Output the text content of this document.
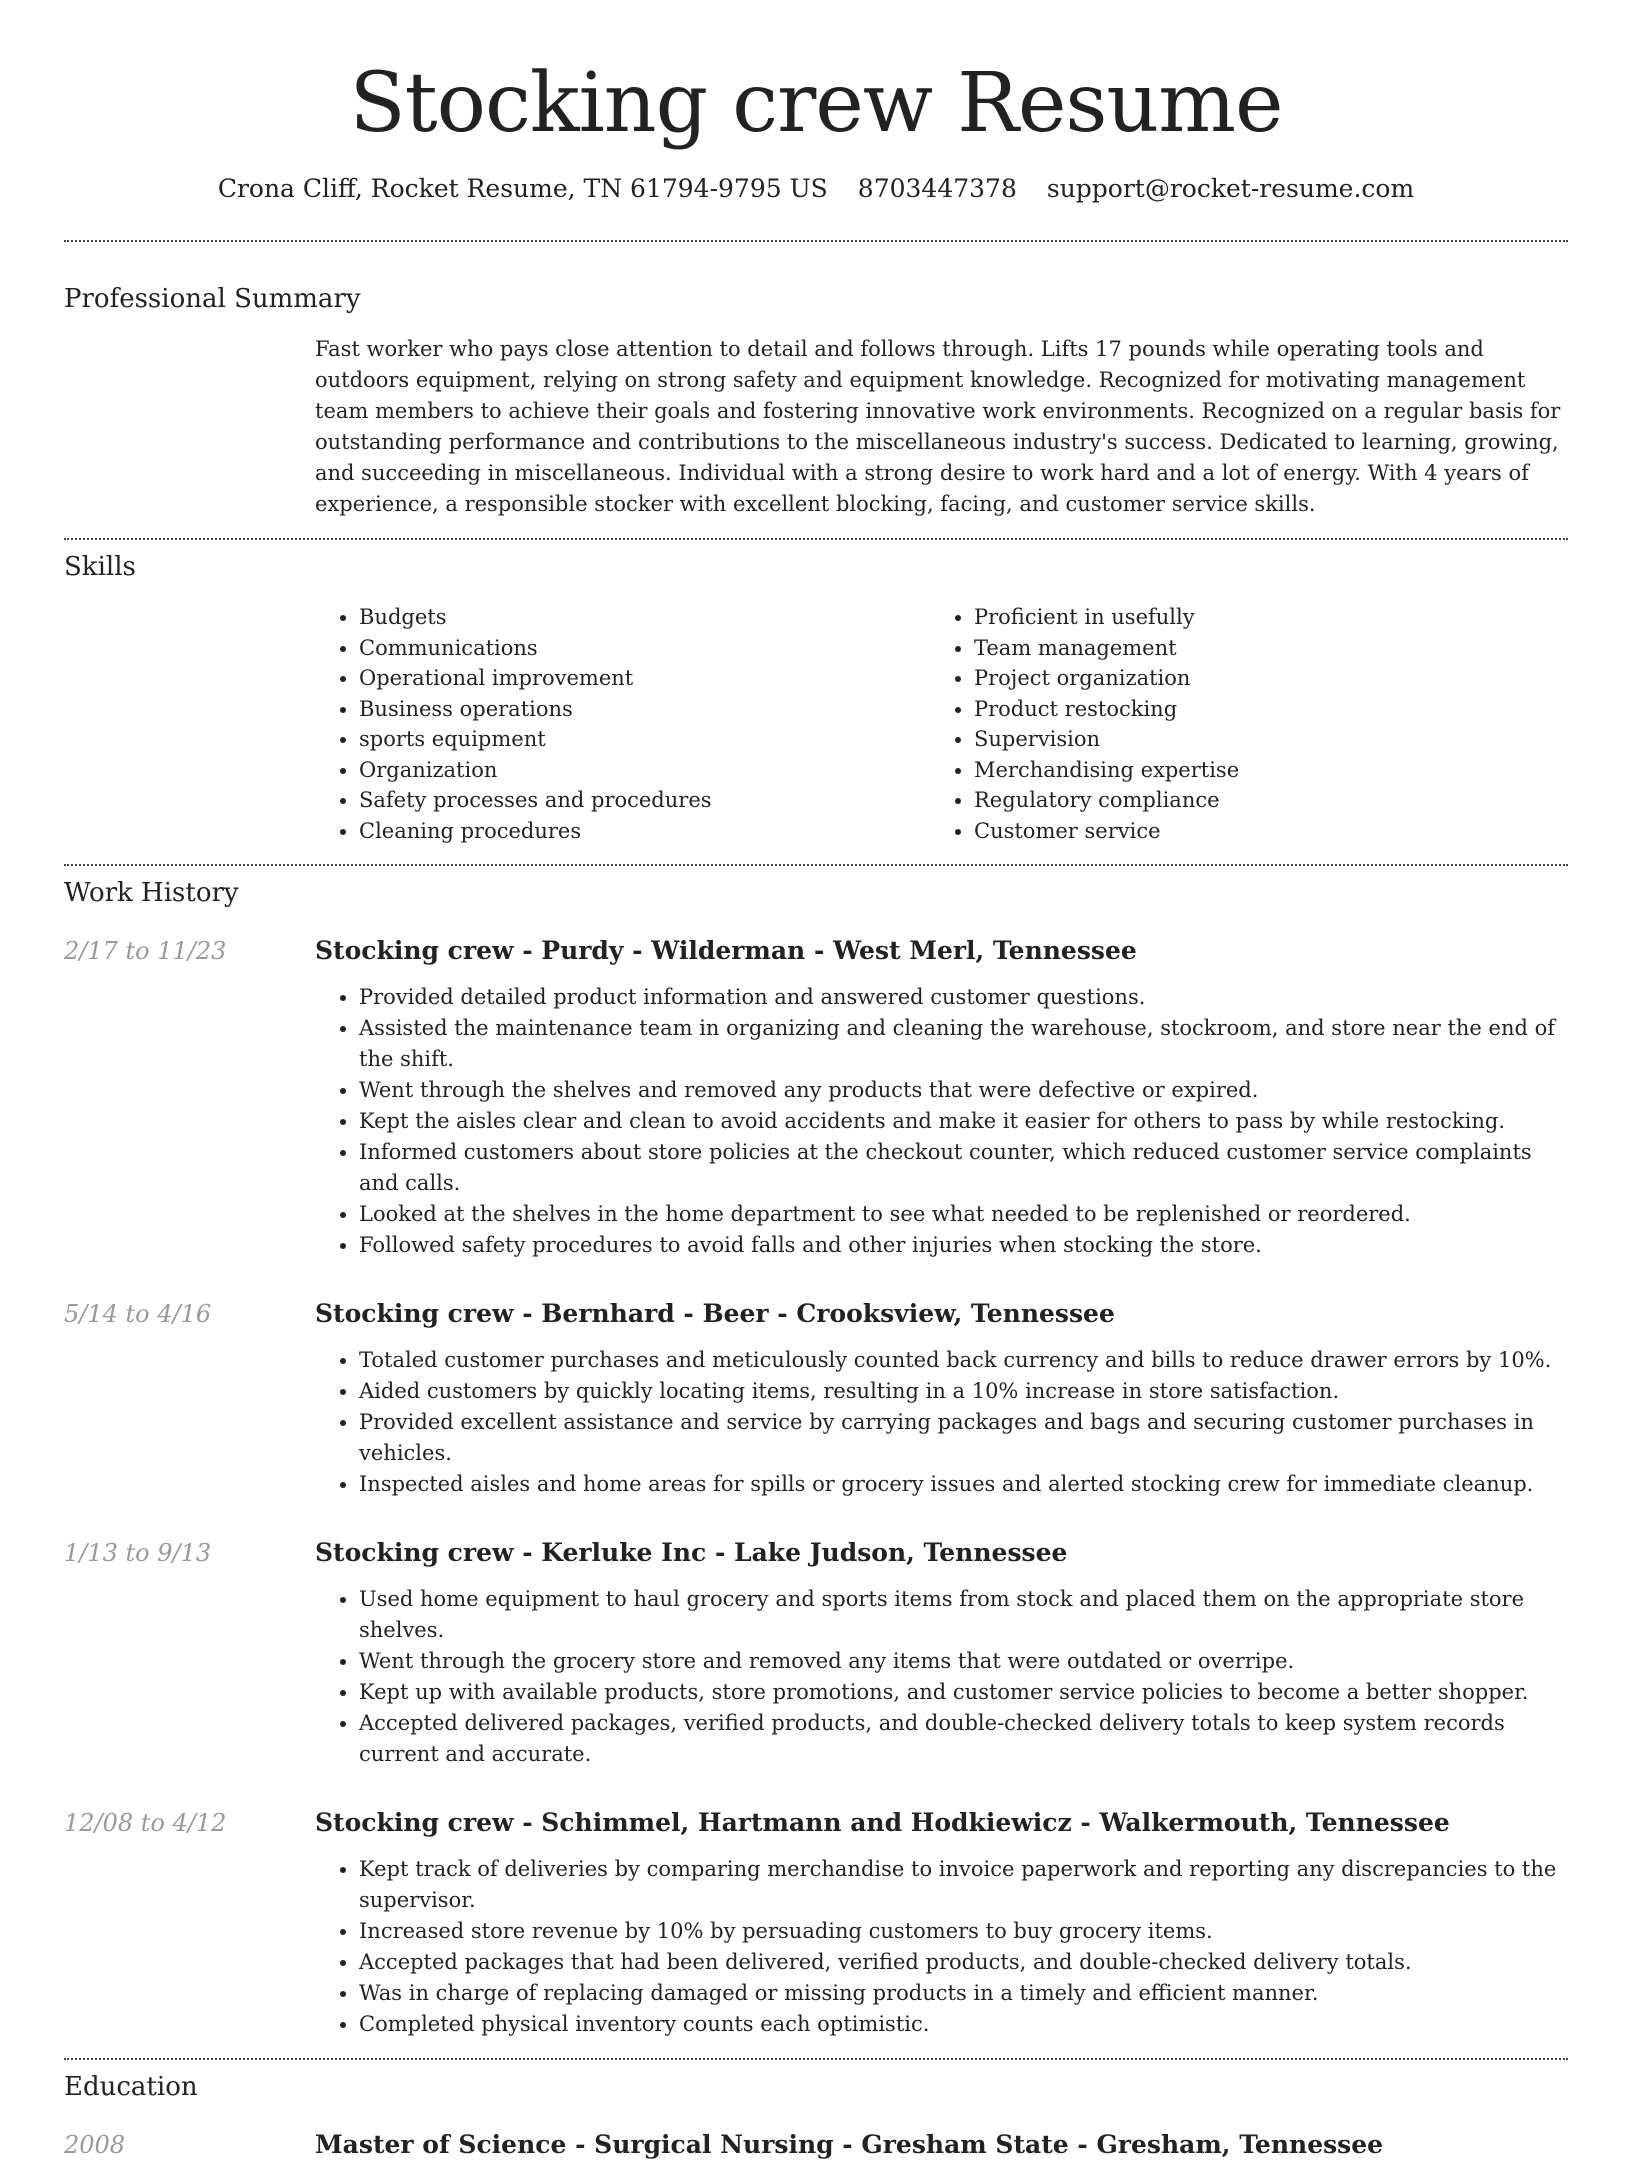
Stocking crew Resume
Crona Cliff, Rocket Resume, TN 61794-9795 US 8703447378 support@rocket-resume.com
Professional Summary

Fast worker who pays close attention to detail and follows through. Lifts 17 pounds while operating tools and outdoors equipment, relying on strong safety and equipment knowledge. Recognized for motivating management team members to achieve their goals and fostering innovative work environments. Recognized on a regular basis for outstanding performance and contributions to the miscellaneous industry's success. Dedicated to learning, growing, and succeeding in miscellaneous. Individual with a strong desire to work hard and a lot of energy. With 4 years of experience, a responsible stocker with excellent blocking, facing, and customer service skills.

Skills
• Budgets
• Communications
• Operational improvement
• Business operations
• sports equipment
• Organization
• Safety processes and procedures
• Cleaning procedures
• Proficient in usefully
• Team management
• Project organization
• Product restocking
• Supervision
• Merchandising expertise
• Regulatory compliance
• Customer service
Work History
2/17 to 11/23	Stocking crew - Purdy - Wilderman - West Merl, Tennessee
• Provided detailed product information and answered customer questions.
• Assisted the maintenance team in organizing and cleaning the warehouse, stockroom, and store near the end of the shift.
• Went through the shelves and removed any products that were defective or expired.
• Kept the aisles clear and clean to avoid accidents and make it easier for others to pass by while restocking.
• Informed customers about store policies at the checkout counter, which reduced customer service complaints and calls.
• Looked at the shelves in the home department to see what needed to be replenished or reordered.
• Followed safety procedures to avoid falls and other injuries when stocking the store.
5/14 to 4/16	Stocking crew - Bernhard - Beer - Crooksview, Tennessee
• Totaled customer purchases and meticulously counted back currency and bills to reduce drawer errors by 10%.
• Aided customers by quickly locating items, resulting in a 10% increase in store satisfaction.
• Provided excellent assistance and service by carrying packages and bags and securing customer purchases in vehicles.
• Inspected aisles and home areas for spills or grocery issues and alerted stocking crew for immediate cleanup.
1/13 to 9/13	Stocking crew - Kerluke Inc - Lake Judson, Tennessee
• Used home equipment to haul grocery and sports items from stock and placed them on the appropriate store shelves.
• Went through the grocery store and removed any items that were outdated or overripe.
• Kept up with available products, store promotions, and customer service policies to become a better shopper.
• Accepted delivered packages, verified products, and double-checked delivery totals to keep system records current and accurate.
12/08 to 4/12	Stocking crew - Schimmel, Hartmann and Hodkiewicz - Walkermouth, Tennessee
• Kept track of deliveries by comparing merchandise to invoice paperwork and reporting any discrepancies to the supervisor.
• Increased store revenue by 10% by persuading customers to buy grocery items.
• Accepted packages that had been delivered, verified products, and double-checked delivery totals.
• Was in charge of replacing damaged or missing products in a timely and efficient manner.
• Completed physical inventory counts each optimistic.
Education
2008	Master of Science - Surgical Nursing - Gresham State - Gresham, Tennessee
